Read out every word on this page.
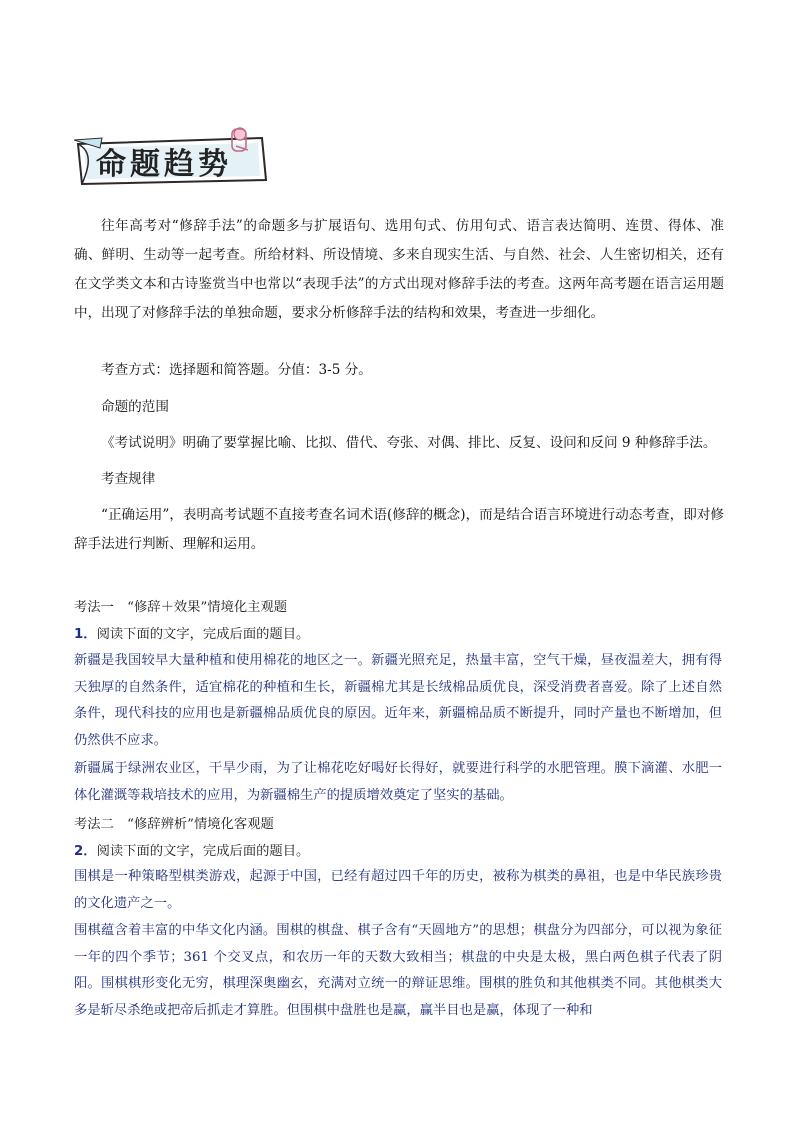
命题趋势

往年高考对“修辞手法”的命题多与扩展语句、选用句式、仿用句式、语言表达简明、连贯、得体、准确、鲜明、生动等一起考查。所给材料、所设情境、多来自现实生活、与自然、社会、人生密切相关，还有在文学类文本和古诗鉴赏当中也常以“表现手法”的方式出现对修辞手法的考查。这两年高考题在语言运用题中，出现了对修辞手法的单独命题，要求分析修辞手法的结构和效果，考查进一步细化。

考查方式：选择题和简答题。分值：3-5 分。

命题的范围

《考试说明》明确了要掌握比喻、比拟、借代、夸张、对偶、排比、反复、设问和反问 9 种修辞手法。

考查规律

“正确运用”，表明高考试题不直接考查名词术语(修辞的概念)，而是结合语言环境进行动态考查，即对修辞手法进行判断、理解和运用。

考法一　“修辞＋效果”情境化主观题

1．阅读下面的文字，完成后面的题目。

新疆是我国较早大量种植和使用棉花的地区之一。新疆光照充足，热量丰富，空气干燥，昼夜温差大，拥有得天独厚的自然条件，适宜棉花的种植和生长，新疆棉尤其是长绒棉品质优良，深受消费者喜爱。除了上述自然条件，现代科技的应用也是新疆棉品质优良的原因。近年来，新疆棉品质不断提升，同时产量也不断增加，但仍然供不应求。

新疆属于绿洲农业区，干旱少雨，为了让棉花吃好喝好长得好，就要进行科学的水肥管理。膜下滴灌、水肥一体化灌溉等栽培技术的应用，为新疆棉生产的提质增效奠定了坚实的基础。

考法二　“修辞辨析”情境化客观题

2．阅读下面的文字，完成后面的题目。

围棋是一种策略型棋类游戏，起源于中国，已经有超过四千年的历史，被称为棋类的鼻祖，也是中华民族珍贵的文化遗产之一。

围棋蕴含着丰富的中华文化内涵。围棋的棋盘、棋子含有“天圆地方”的思想；棋盘分为四部分，可以视为象征一年的四个季节；361 个交叉点，和农历一年的天数大致相当；棋盘的中央是太极，黑白两色棋子代表了阴阳。围棋棋形变化无穷，棋理深奥幽玄，充满对立统一的辩证思维。围棋的胜负和其他棋类不同。其他棋类大多是斩尽杀绝或把帝后抓走才算胜。但围棋中盘胜也是赢，赢半目也是赢，体现了一种和
